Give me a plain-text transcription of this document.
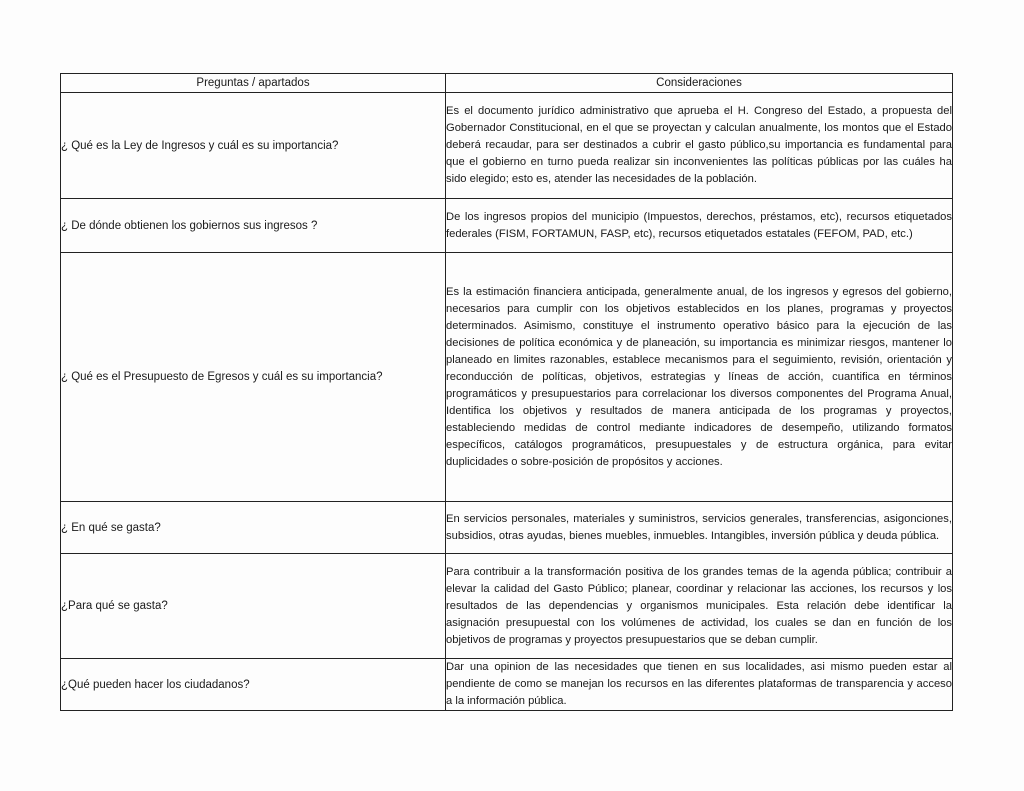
Preguntas / apartados	Consideraciones
¿ Qué es la Ley de Ingresos y cuál es su importancia?	Es el documento jurídico administrativo que aprueba el H. Congreso del Estado, a propuesta del Gobernador Constitucional, en el que se proyectan y calculan anualmente, los montos que el Estado deberá recaudar, para ser destinados a cubrir el gasto público,su importancia es fundamental para que el gobierno en turno pueda realizar sin inconvenientes las políticas públicas por las cuáles ha sido elegido; esto es, atender las necesidades de la población.
¿ De dónde obtienen los gobiernos sus ingresos ?	De los ingresos propios del municipio (Impuestos, derechos, préstamos, etc), recursos etiquetados federales (FISM, FORTAMUN, FASP, etc), recursos etiquetados estatales (FEFOM, PAD, etc.)
¿ Qué es el Presupuesto de Egresos y cuál es su importancia?	Es la estimación financiera anticipada, generalmente anual, de los ingresos y egresos del gobierno, necesarios para cumplir con los objetivos establecidos en los planes, programas y proyectos determinados. Asimismo, constituye el instrumento operativo básico para la ejecución de las decisiones de política económica y de planeación, su importancia es minimizar riesgos, mantener lo planeado en limites razonables, establece mecanismos para el seguimiento, revisión, orientación y reconducción de políticas, objetivos, estrategias y líneas de acción, cuantifica en términos programáticos y presupuestarios para correlacionar los diversos componentes del Programa Anual, Identifica los objetivos y resultados de manera anticipada de los programas y proyectos, estableciendo medidas de control mediante indicadores de desempeño, utilizando formatos específicos, catálogos programáticos, presupuestales y de estructura orgánica, para evitar duplicidades o sobre-posición de propósitos y acciones.
¿ En qué se gasta?	En servicios personales, materiales y suministros, servicios generales, transferencias, asigonciones, subsidios, otras ayudas, bienes muebles, inmuebles. Intangibles, inversión pública y deuda pública.
¿Para qué se gasta?	Para contribuir a la transformación positiva de los grandes temas de la agenda pública; contribuir a elevar la calidad del Gasto Público; planear, coordinar y relacionar las acciones, los recursos y los resultados de las dependencias y organismos municipales. Esta relación debe identificar la asignación presupuestal con los volúmenes de actividad, los cuales se dan en función de los objetivos de programas y proyectos presupuestarios que se deban cumplir.
¿Qué pueden hacer los ciudadanos?	Dar una opinion de las necesidades que tienen en sus localidades, asi mismo pueden estar al pendiente de como se manejan los recursos en las diferentes plataformas de transparencia y acceso a la información pública.
